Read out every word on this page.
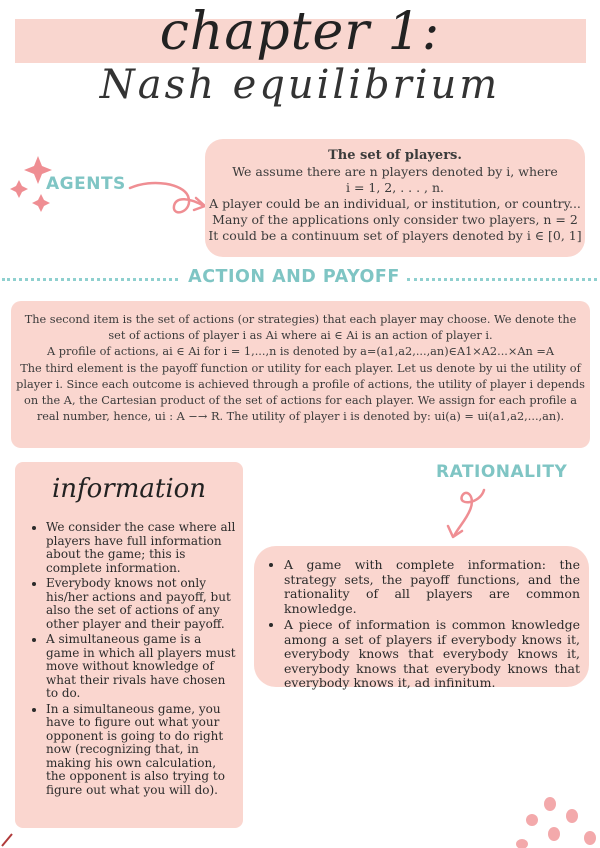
chapter 1:
Nash equilibrium
AGENTS
The set of players.
We assume there are n players denoted by i, where
i = 1, 2, . . . , n.
A player could be an individual, or institution, or country...
Many of the applications only consider two players, n = 2
It could be a continuum set of players denoted by i ∈ [0, 1]
ACTION AND PAYOFF
The second item is the set of actions (or strategies) that each player may choose. We denote the
set of actions of player i as Ai where ai ∈ Ai is an action of player i.
A profile of actions, ai ∈ Ai for i = 1,...,n is denoted by a=(a1,a2,...,an)∈A1×A2...×An =A
The third element is the payoff function or utility for each player. Let us denote by ui the utility of
player i. Since each outcome is achieved through a profile of actions, the utility of player i depends
on the A, the Cartesian product of the set of actions for each player. We assign for each profile a
real number, hence, ui : A −→ R. The utility of player i is denoted by: ui(a) = ui(a1,a2,...,an).
information
• We consider the case where all players have full information about the game; this is complete information.
• Everybody knows not only his/her actions and payoff, but also the set of actions of any other player and their payoff.
• A simultaneous game is a game in which all players must move without knowledge of what their rivals have chosen to do.
• In a simultaneous game, you have to figure out what your opponent is going to do right now (recognizing that, in making his own calculation, the opponent is also trying to figure out what you will do).
RATIONALITY
• A game with complete information: the strategy sets, the payoff functions, and the rationality of all players are common knowledge.
• A piece of information is common knowledge among a set of players if everybody knows it, everybody knows that everybody knows it, everybody knows that everybody knows that everybody knows it, ad infinitum.
